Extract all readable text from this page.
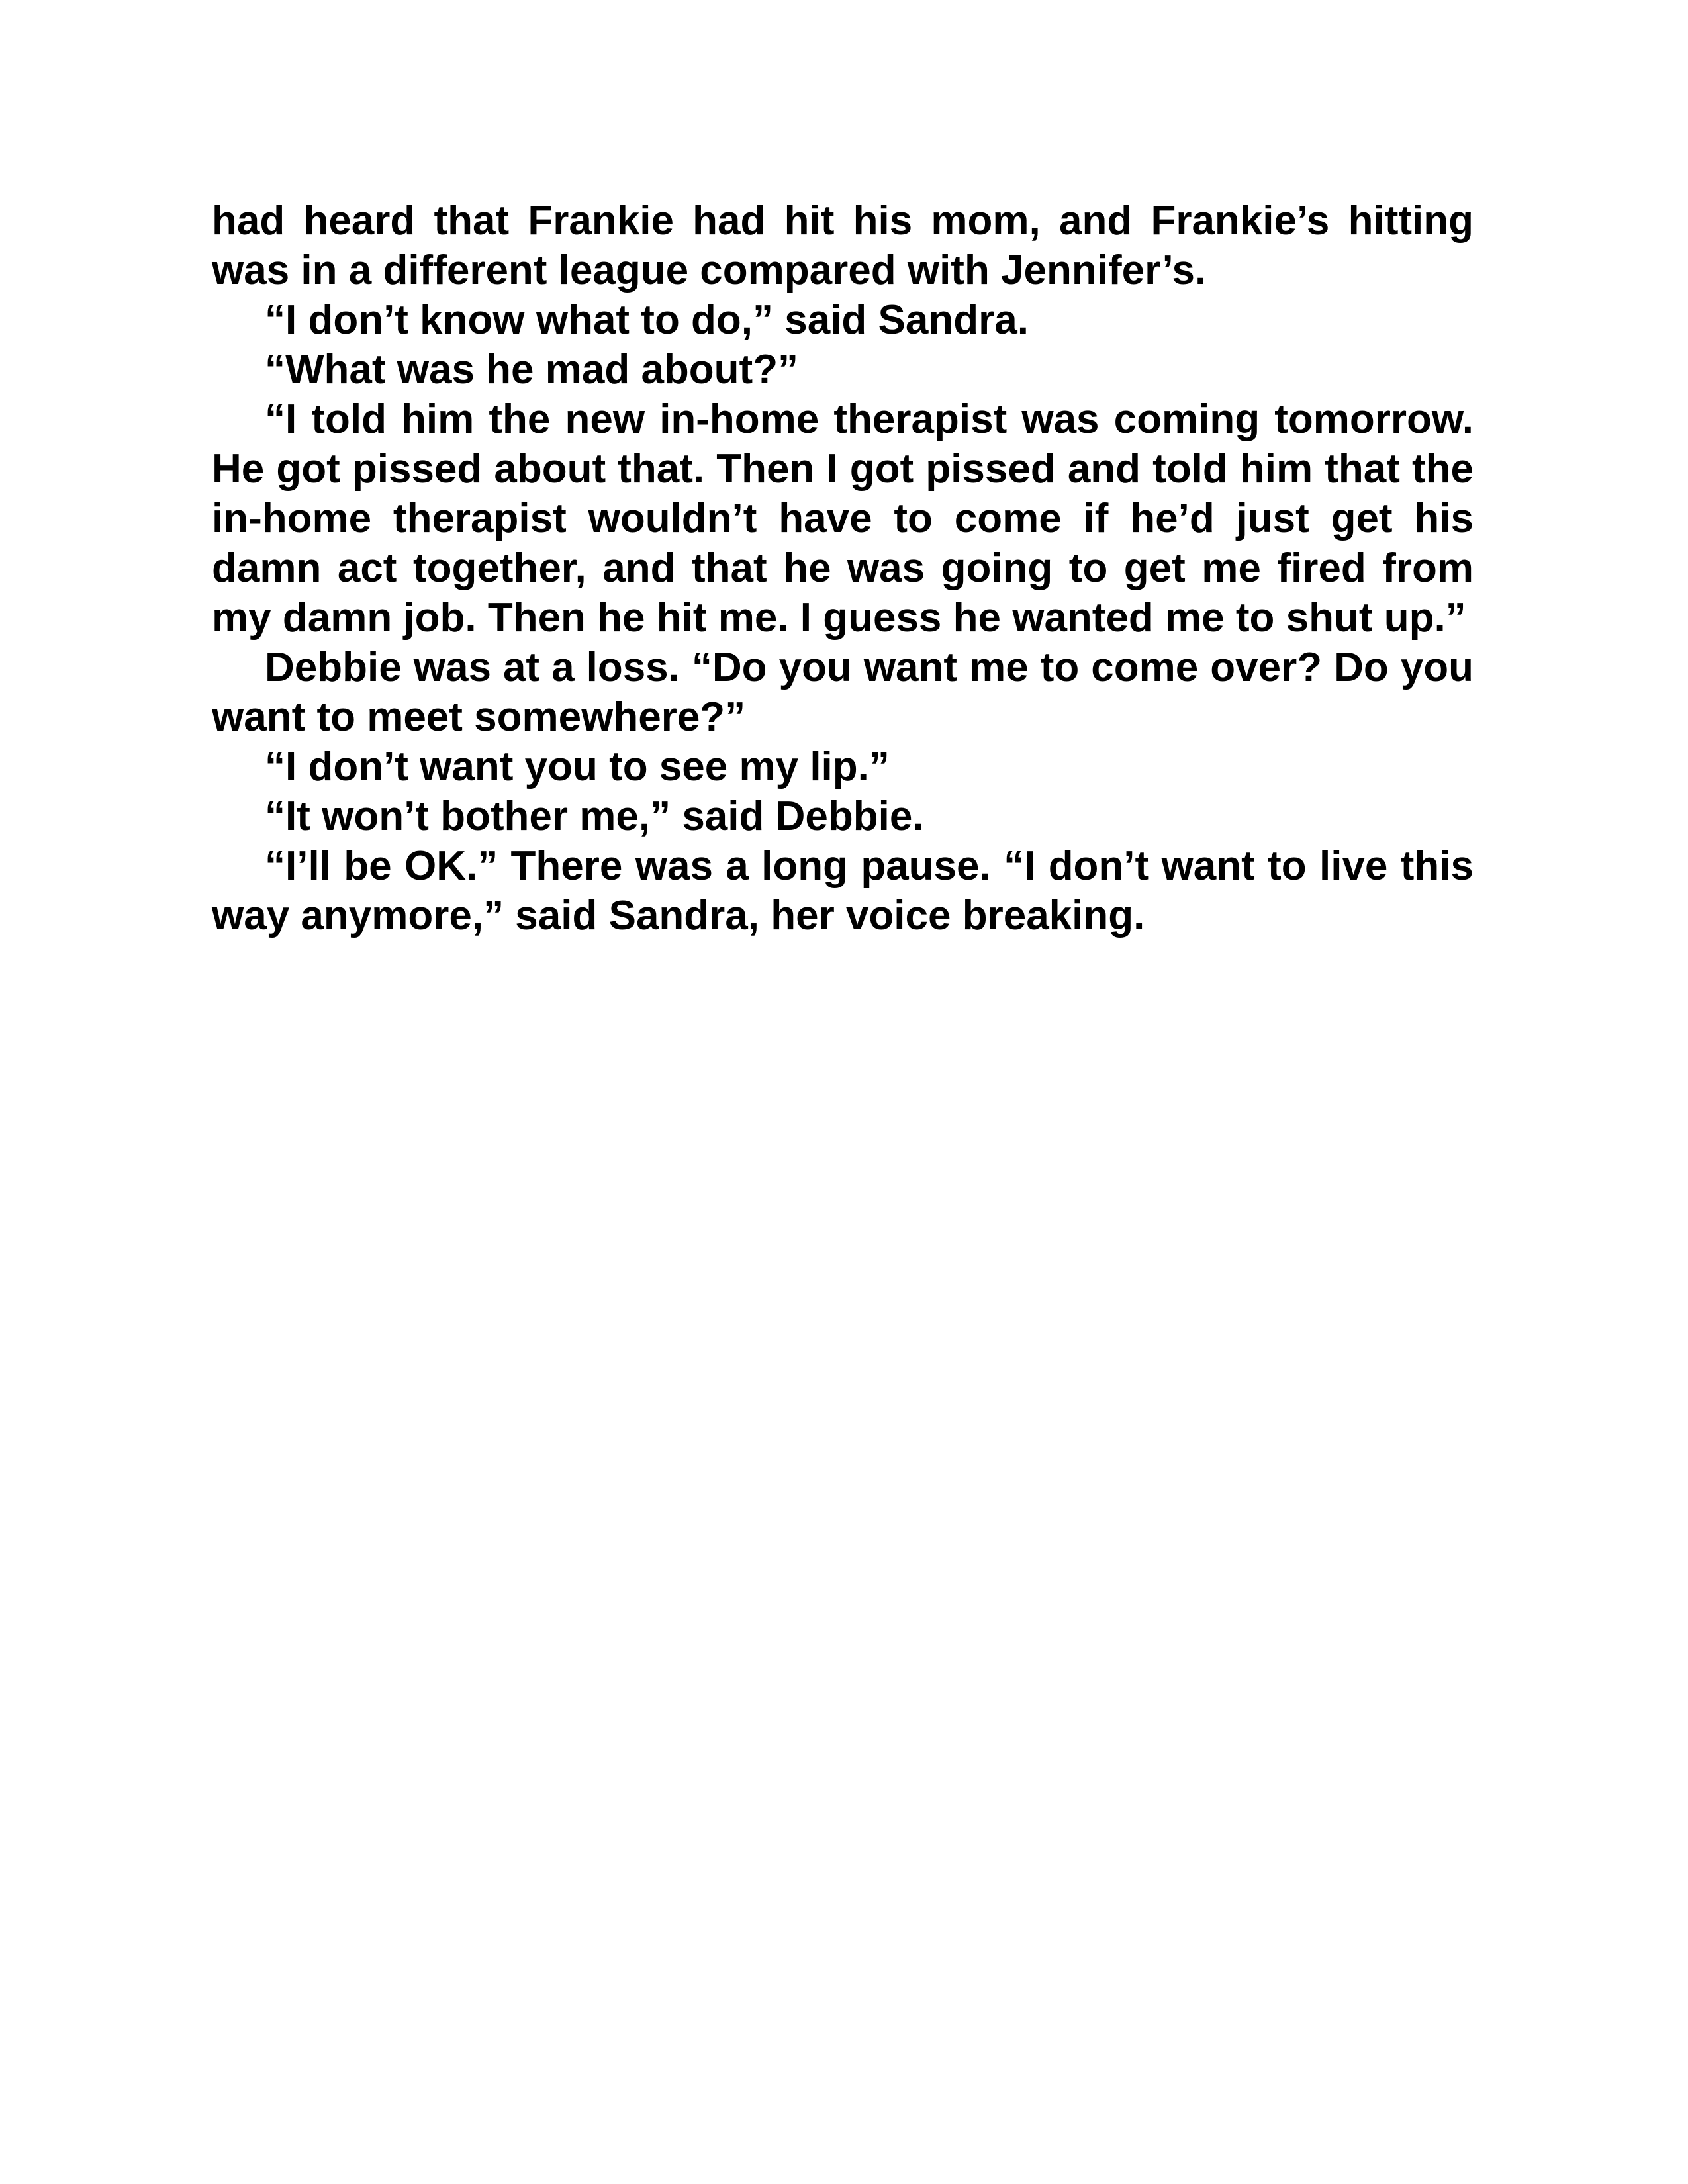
had heard that Frankie had hit his mom, and Frankie’s hitting was in a different league compared with Jennifer’s.

“I don’t know what to do,” said Sandra.

“What was he mad about?”

“I told him the new in-home therapist was coming tomorrow. He got pissed about that. Then I got pissed and told him that the in-home therapist wouldn’t have to come if he’d just get his damn act together, and that he was going to get me fired from my damn job. Then he hit me. I guess he wanted me to shut up.”

Debbie was at a loss. “Do you want me to come over? Do you want to meet somewhere?”

“I don’t want you to see my lip.”

“It won’t bother me,” said Debbie.

“I’ll be OK.” There was a long pause. “I don’t want to live this way anymore,” said Sandra, her voice breaking.
